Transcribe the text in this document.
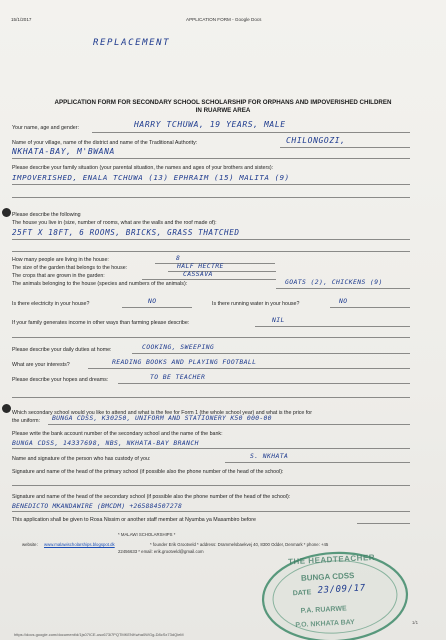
15/1/2017	APPLICATION FORM - Google Docs
REPLACEMENT
APPLICATION FORM FOR SECONDARY SCHOOL SCHOLARSHIP FOR ORPHANS AND IMPOVERISHED CHILDREN
IN RUARWE AREA
Your name, age and gender:	HARRY TCHUWA, 19 YEARS, MALE
Name of your village, name of the district and name of the Traditional Authority:	CHILONGOZI,
NKHATA-BAY, M'BWANA
Please describe your family situation (your parental situation, the names and ages of your brothers and sisters):
IMPOVERISHED, ENALA TCHUWA (13) EPHRAIM (15) MALITA (9)
Please describe the following
The house you live in (size, number of rooms, what are the walls and the roof made of):
25FT X 18FT, 6 ROOMS, BRICKS, GRASS THATCHED
How many people are living in the house:	8
The size of the garden that belongs to the house:	HALF HECTRE
The crops that are grown in the garden:	CASSAVA
The animals belonging to the house (species and numbers of the animals):	GOATS (2), CHICKENS (9)
Is there electricity in your house?	NO	Is there running water in your house?	NO
If your family generates income in other ways than farming please describe:	NIL
Please describe your daily duties at home:	COOKING, SWEEPING
What are your interests?	READING BOOKS AND PLAYING FOOTBALL
Please describe your hopes and dreams:	TO BE TEACHER
Which secondary school would you like to attend and what is the fee for Form 1 (the whole school year) and what is the price for
the uniform: BUNGA CDSS, K30250, UNIFORM AND STATIONERY K50 000-00
Please write the bank account number of the secondary school and the name of the bank:
BUNGA CDSS, 14337698, NBS, NKHATA-BAY BRANCH
Name and signature of the person who has custody of you:	S. NKHATA
Signature and name of the head of the primary school (if possible also the phone number of the head of the school):
Signature and name of the head of the secondary school (if possible also the phone number of the head of the school):
BENEDICTO MKANDAWIRE (BMCDM) +265884507278
This application shall be given to Rosa Nissim or another staff member at Nyumba ya Masambiro before
* MALAWI SCHOLARSHIPS *
website: www.malawischolarships.blogspot.dk	* founder Erik Grootveld * address: Drammelsbaekvej 40, 8300 Odder, Denmark * phone: +45
22456633 * email: erik.grootveld@gmail.com
https://docs.google.com/document/d/1js07ICE-uso673i7PQTMKENKwha0WGg-D8cSx73dQieM
1/1
THE HEADTEACHER
BUNGA CDSS
DATE 23/09/17
P.A. RUARWE
P.O. NKHATA BAY
